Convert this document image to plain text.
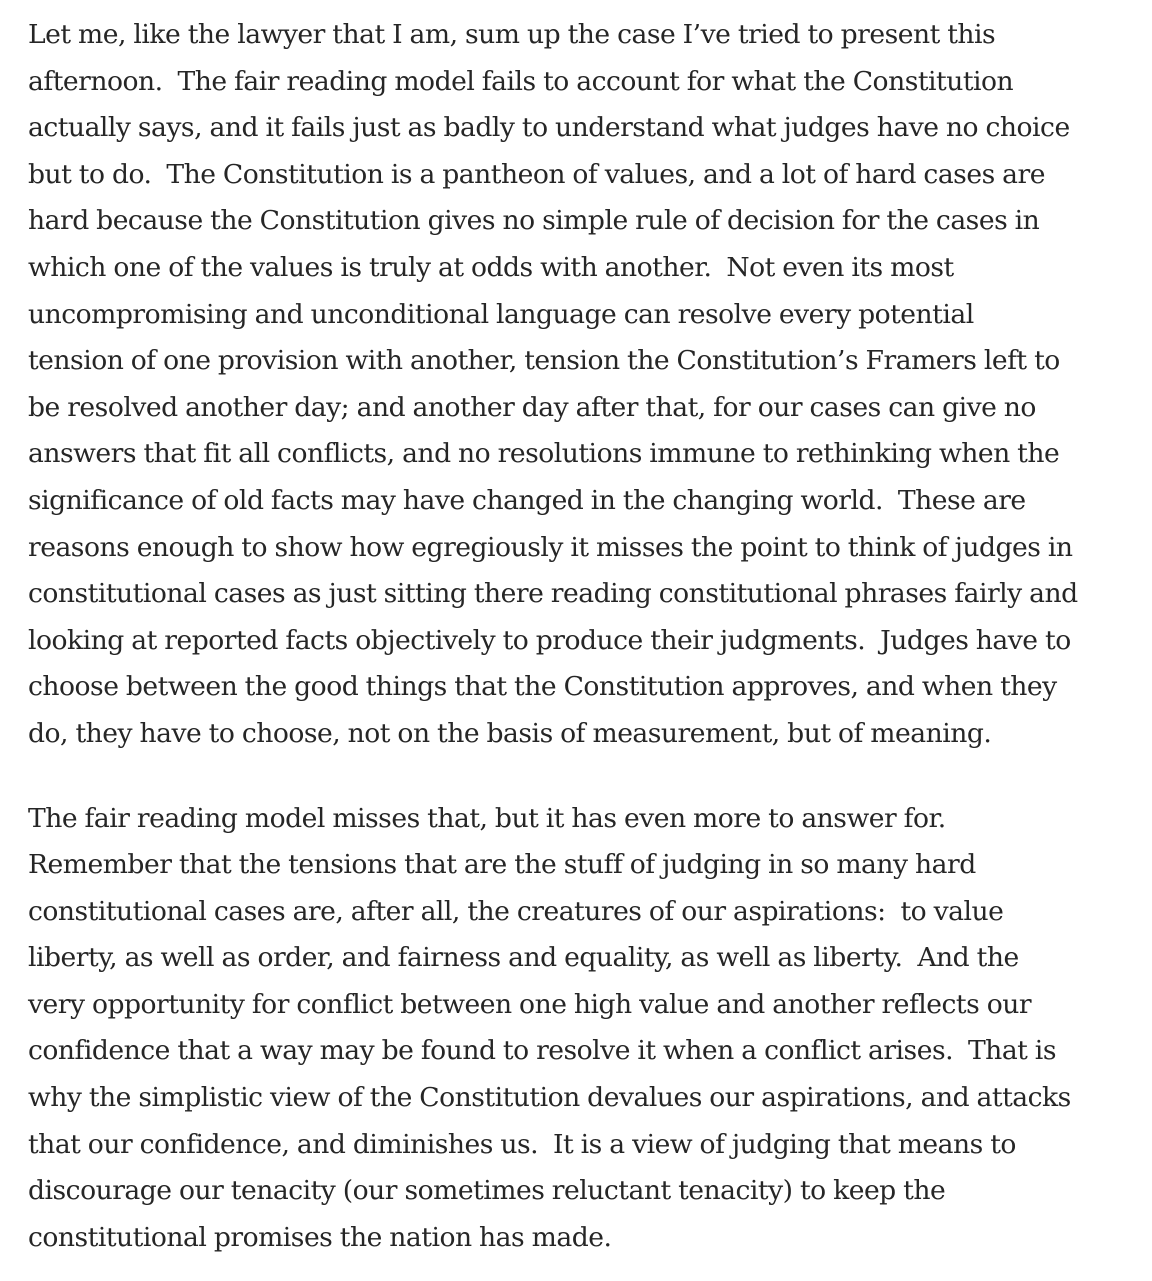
Let me, like the lawyer that I am, sum up the case I’ve tried to present this
afternoon.  The fair reading model fails to account for what the Constitution
actually says, and it fails just as badly to understand what judges have no choice
but to do.  The Constitution is a pantheon of values, and a lot of hard cases are
hard because the Constitution gives no simple rule of decision for the cases in
which one of the values is truly at odds with another.  Not even its most
uncompromising and unconditional language can resolve every potential
tension of one provision with another, tension the Constitution’s Framers left to
be resolved another day; and another day after that, for our cases can give no
answers that fit all conflicts, and no resolutions immune to rethinking when the
significance of old facts may have changed in the changing world.  These are
reasons enough to show how egregiously it misses the point to think of judges in
constitutional cases as just sitting there reading constitutional phrases fairly and
looking at reported facts objectively to produce their judgments.  Judges have to
choose between the good things that the Constitution approves, and when they
do, they have to choose, not on the basis of measurement, but of meaning.
The fair reading model misses that, but it has even more to answer for.
Remember that the tensions that are the stuff of judging in so many hard
constitutional cases are, after all, the creatures of our aspirations:  to value
liberty, as well as order, and fairness and equality, as well as liberty.  And the
very opportunity for conflict between one high value and another reflects our
confidence that a way may be found to resolve it when a conflict arises.  That is
why the simplistic view of the Constitution devalues our aspirations, and attacks
that our confidence, and diminishes us.  It is a view of judging that means to
discourage our tenacity (our sometimes reluctant tenacity) to keep the
constitutional promises the nation has made.
